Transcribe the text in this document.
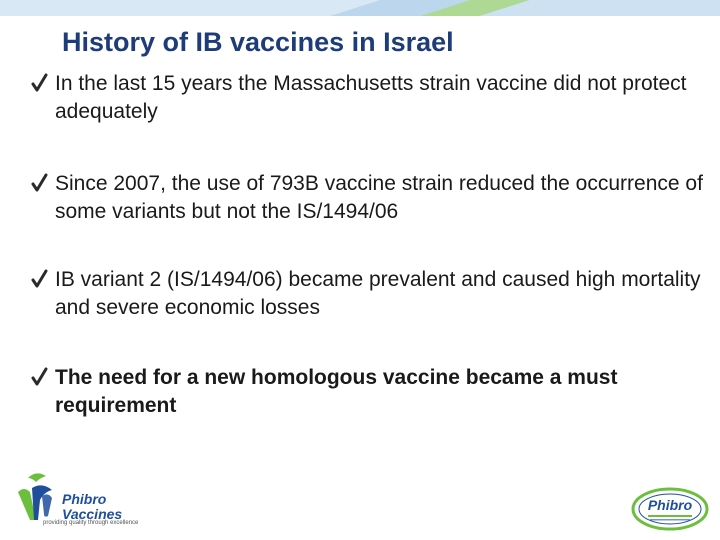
History of IB vaccines in Israel
In the last 15 years the Massachusetts strain vaccine did not protect adequately
Since 2007, the use of 793B vaccine strain reduced the occurrence of some variants but not the IS/1494/06
IB variant 2 (IS/1494/06) became prevalent and caused high mortality and severe economic losses
The need for a new homologous vaccine became a must requirement
Phibro
Vaccines
providing quality through excellence
Phibro
